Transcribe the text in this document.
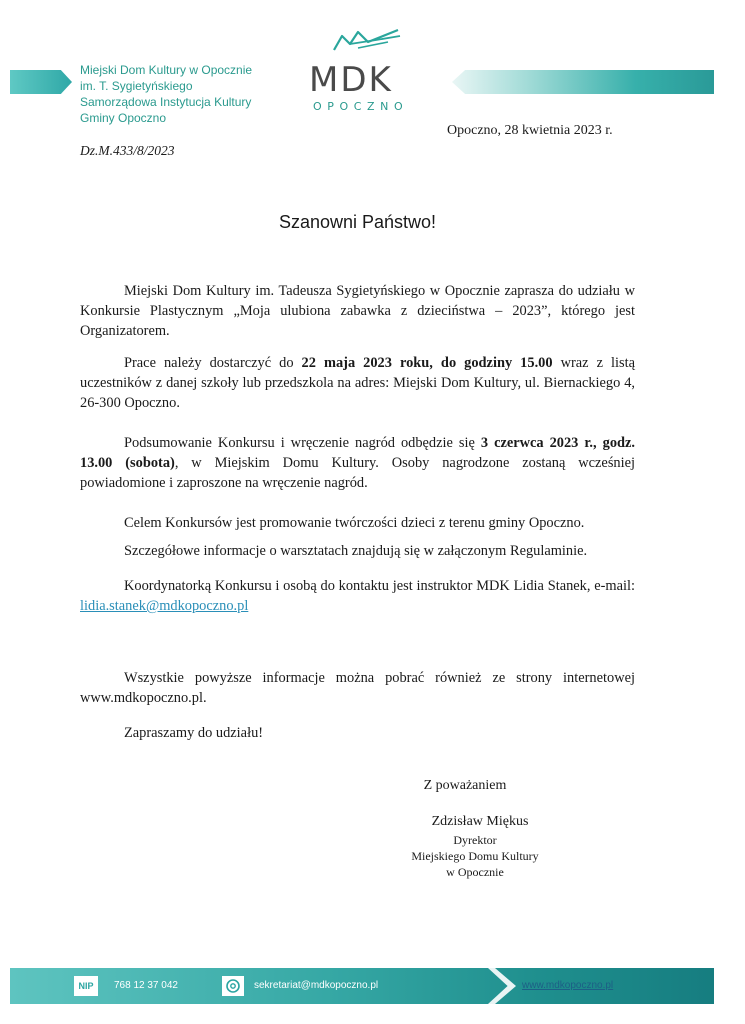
Miejski Dom Kultury w Opocznie
im. T. Sygietyńskiego
Samorządowa Instytucja Kultury
Gminy Opoczno
MDK
OPOCZNO
Opoczno, 28 kwietnia 2023 r.
Dz.M.433/8/2023
Szanowni Państwo!
Miejski Dom Kultury im. Tadeusza Sygietyńskiego w Opocznie zaprasza do udziału w Konkursie Plastycznym „Moja ulubiona zabawka z dzieciństwa – 2023”, którego jest Organizatorem.
Prace należy dostarczyć do 22 maja 2023 roku, do godziny 15.00 wraz z listą uczestników z danej szkoły lub przedszkola na adres: Miejski Dom Kultury, ul. Biernackiego 4, 26-300 Opoczno.
Podsumowanie Konkursu i wręczenie nagród odbędzie się 3 czerwca 2023 r., godz. 13.00 (sobota), w Miejskim Domu Kultury. Osoby nagrodzone zostaną wcześniej powiadomione i zaproszone na wręczenie nagród.
Celem Konkursów jest promowanie twórczości dzieci z terenu gminy Opoczno.
Szczegółowe informacje o warsztatach znajdują się w załączonym Regulaminie.
Koordynatorką Konkursu i osobą do kontaktu jest instruktor MDK Lidia Stanek, e-mail: lidia.stanek@mdkopoczno.pl
Wszystkie powyższe informacje można pobrać również ze strony internetowej www.mdkopoczno.pl.
Zapraszamy do udziału!
Z poważaniem
Zdzisław Miękus
Dyrektor
Miejskiego Domu Kultury
w Opocznie
NIP	768 12 37 042	sekretariat@mdkopoczno.pl	www.mdkopoczno.pl
